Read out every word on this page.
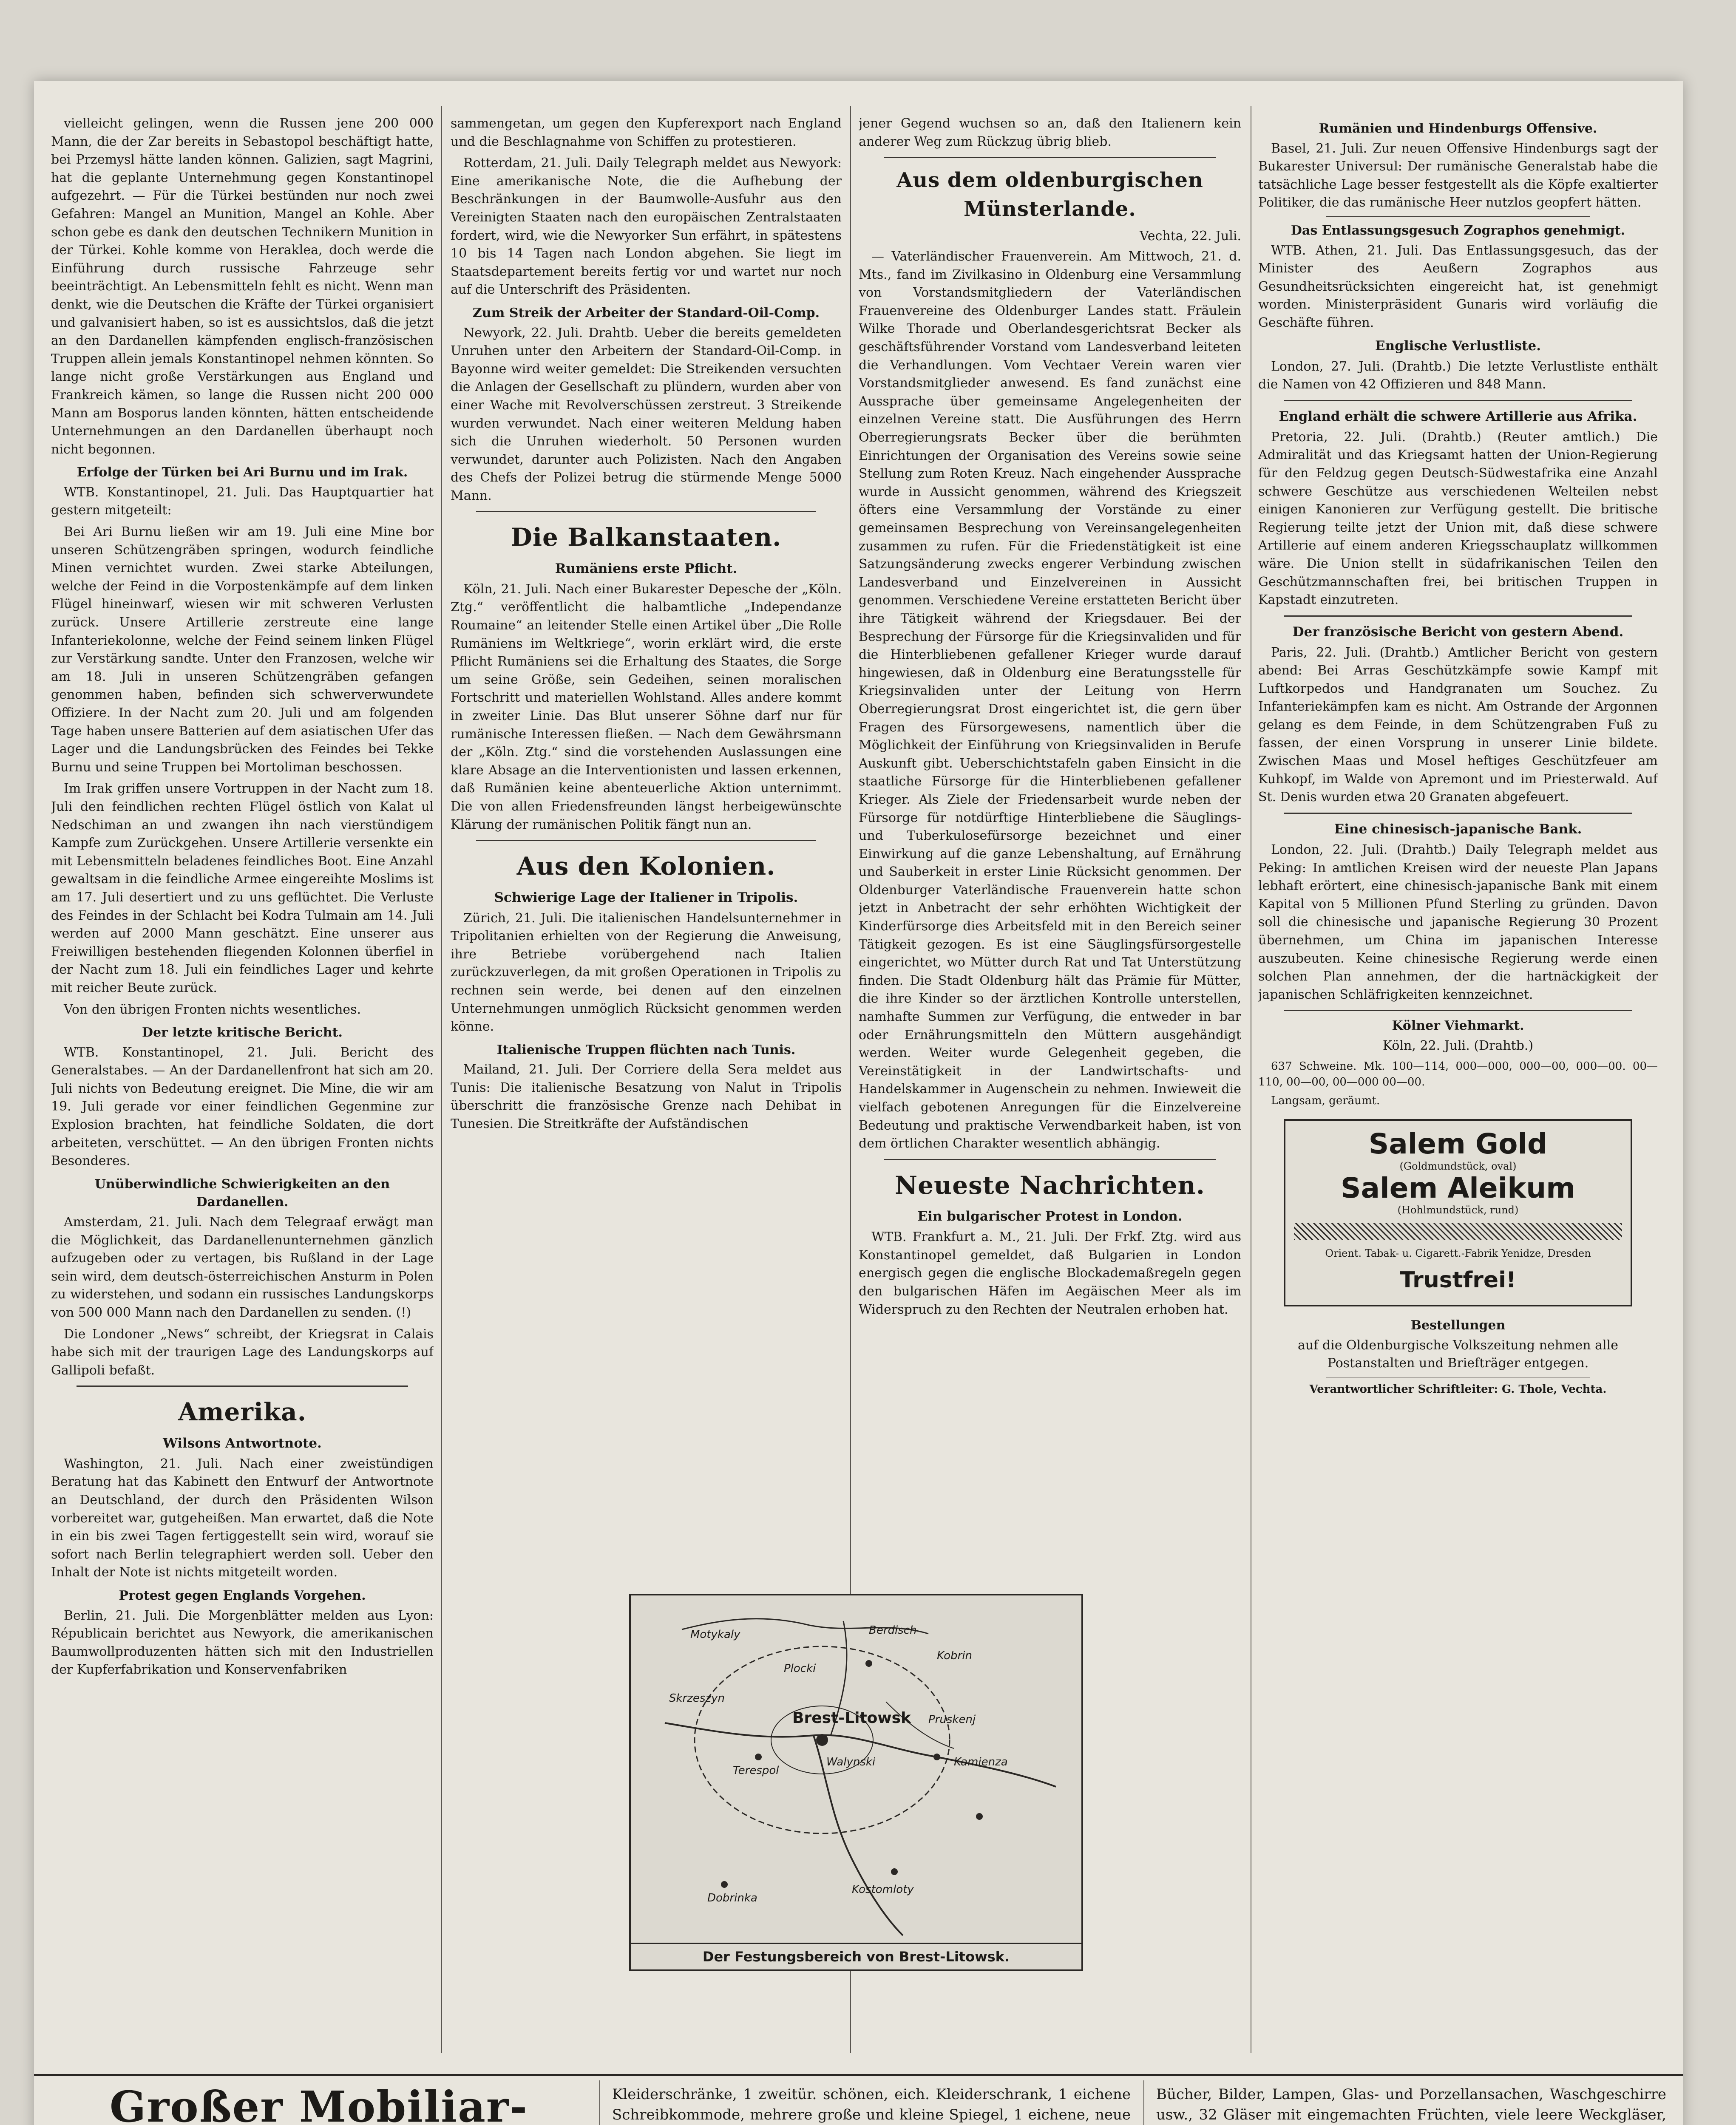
vielleicht gelingen, wenn die Russen jene 200 000 Mann, die der Zar bereits in Sebastopol beschäftigt hatte, bei Przemysl hätte landen können. Galizien, sagt Magrini, hat die geplante Unternehmung gegen Konstantinopel aufgezehrt. — Für die Türkei bestünden nur noch zwei Gefahren: Mangel an Munition, Mangel an Kohle. Aber schon gebe es dank den deutschen Technikern Munition in der Türkei. Kohle komme von Heraklea, doch werde die Einführung durch russische Fahrzeuge sehr beeinträchtigt. An Lebensmitteln fehlt es nicht. Wenn man denkt, wie die Deutschen die Kräfte der Türkei organisiert und galvanisiert haben, so ist es aussichtslos, daß die jetzt an den Dardanellen kämpfenden englisch-französischen Truppen allein jemals Konstantinopel nehmen könnten. So lange nicht große Verstärkungen aus England und Frankreich kämen, so lange die Russen nicht 200 000 Mann am Bosporus landen könnten, hätten entscheidende Unternehmungen an den Dardanellen überhaupt noch nicht begonnen.

Erfolge der Türken bei Ari Burnu und im Irak.

WTB. Konstantinopel, 21. Juli. Das Hauptquartier hat gestern mitgeteilt:

Bei Ari Burnu ließen wir am 19. Juli eine Mine bor unseren Schützengräben springen, wodurch feindliche Minen vernichtet wurden. Zwei starke Abteilungen, welche der Feind in die Vorpostenkämpfe auf dem linken Flügel hineinwarf, wiesen wir mit schweren Verlusten zurück. Unsere Artillerie zerstreute eine lange Infanteriekolonne, welche der Feind seinem linken Flügel zur Verstärkung sandte. Unter den Franzosen, welche wir am 18. Juli in unseren Schützengräben gefangen genommen haben, befinden sich schwerverwundete Offiziere. In der Nacht zum 20. Juli und am folgenden Tage haben unsere Batterien auf dem asiatischen Ufer das Lager und die Landungsbrücken des Feindes bei Tekke Burnu und seine Truppen bei Mortoliman beschossen.

Im Irak griffen unsere Vortruppen in der Nacht zum 18. Juli den feindlichen rechten Flügel östlich von Kalat ul Nedschiman an und zwangen ihn nach vierstündigem Kampfe zum Zurückgehen. Unsere Artillerie versenkte ein mit Lebensmitteln beladenes feindliches Boot. Eine Anzahl gewaltsam in die feindliche Armee eingereihte Moslims ist am 17. Juli desertiert und zu uns geflüchtet. Die Verluste des Feindes in der Schlacht bei Kodra Tulmain am 14. Juli werden auf 2000 Mann geschätzt. Eine unserer aus Freiwilligen bestehenden fliegenden Kolonnen überfiel in der Nacht zum 18. Juli ein feindliches Lager und kehrte mit reicher Beute zurück.

Von den übrigen Fronten nichts wesentliches.

Der letzte kritische Bericht.

WTB. Konstantinopel, 21. Juli. Bericht des Generalstabes. — An der Dardanellenfront hat sich am 20. Juli nichts von Bedeutung ereignet. Die Mine, die wir am 19. Juli gerade vor einer feindlichen Gegenmine zur Explosion brachten, hat feindliche Soldaten, die dort arbeiteten, verschüttet. — An den übrigen Fronten nichts Besonderes.

Unüberwindliche Schwierigkeiten an den Dardanellen.

Amsterdam, 21. Juli. Nach dem Telegraaf erwägt man die Möglichkeit, das Dardanellenunternehmen gänzlich aufzugeben oder zu vertagen, bis Rußland in der Lage sein wird, dem deutsch-österreichischen Ansturm in Polen zu widerstehen, und sodann ein russisches Landungskorps von 500 000 Mann nach den Dardanellen zu senden. (!)

Die Londoner „News“ schreibt, der Kriegsrat in Calais habe sich mit der traurigen Lage des Landungskorps auf Gallipoli befaßt.

Amerika.
Wilsons Antwortnote.

Washington, 21. Juli. Nach einer zweistündigen Beratung hat das Kabinett den Entwurf der Antwortnote an Deutschland, der durch den Präsidenten Wilson vorbereitet war, gutgeheißen. Man erwartet, daß die Note in ein bis zwei Tagen fertiggestellt sein wird, worauf sie sofort nach Berlin telegraphiert werden soll. Ueber den Inhalt der Note ist nichts mitgeteilt worden.

Protest gegen Englands Vorgehen.

Berlin, 21. Juli. Die Morgenblätter melden aus Lyon: Républicain berichtet aus Newyork, die amerikanischen Baumwollproduzenten hätten sich mit den Industriellen der Kupferfabrikation und Konservenfabriken

sammengetan, um gegen den Kupferexport nach England und die Beschlagnahme von Schiffen zu protestieren.

Rotterdam, 21. Juli. Daily Telegraph meldet aus Newyork: Eine amerikanische Note, die die Aufhebung der Beschränkungen in der Baumwolle-Ausfuhr aus den Vereinigten Staaten nach den europäischen Zentralstaaten fordert, wird, wie die Newyorker Sun erfährt, in spätestens 10 bis 14 Tagen nach London abgehen. Sie liegt im Staatsdepartement bereits fertig vor und wartet nur noch auf die Unterschrift des Präsidenten.

Zum Streik der Arbeiter der Standard-Oil-Comp.

Newyork, 22. Juli. Drahtb. Ueber die bereits gemeldeten Unruhen unter den Arbeitern der Standard-Oil-Comp. in Bayonne wird weiter gemeldet: Die Streikenden versuchten die Anlagen der Gesellschaft zu plündern, wurden aber von einer Wache mit Revolverschüssen zerstreut. 3 Streikende wurden verwundet. Nach einer weiteren Meldung haben sich die Unruhen wiederholt. 50 Personen wurden verwundet, darunter auch Polizisten. Nach den Angaben des Chefs der Polizei betrug die stürmende Menge 5000 Mann.

Die Balkanstaaten.
Rumäniens erste Pflicht.

Köln, 21. Juli. Nach einer Bukarester Depesche der „Köln. Ztg.“ veröffentlicht die halbamtliche „Independanze Roumaine“ an leitender Stelle einen Artikel über „Die Rolle Rumäniens im Weltkriege“, worin erklärt wird, die erste Pflicht Rumäniens sei die Erhaltung des Staates, die Sorge um seine Größe, sein Gedeihen, seinen moralischen Fortschritt und materiellen Wohlstand. Alles andere kommt in zweiter Linie. Das Blut unserer Söhne darf nur für rumänische Interessen fließen. — Nach dem Gewährsmann der „Köln. Ztg.“ sind die vorstehenden Auslassungen eine klare Absage an die Interventionisten und lassen erkennen, daß Rumänien keine abenteuerliche Aktion unternimmt. Die von allen Friedensfreunden längst herbeigewünschte Klärung der rumänischen Politik fängt nun an.

Aus den Kolonien.
Schwierige Lage der Italiener in Tripolis.

Zürich, 21. Juli. Die italienischen Handelsunternehmer in Tripolitanien erhielten von der Regierung die Anweisung, ihre Betriebe vorübergehend nach Italien zurückzuverlegen, da mit großen Operationen in Tripolis zu rechnen sein werde, bei denen auf den einzelnen Unternehmungen unmöglich Rücksicht genommen werden könne.

Italienische Truppen flüchten nach Tunis.

Mailand, 21. Juli. Der Corriere della Sera meldet aus Tunis: Die italienische Besatzung von Nalut in Tripolis überschritt die französische Grenze nach Dehibat in Tunesien. Die Streitkräfte der Aufständischen

jener Gegend wuchsen so an, daß den Italienern kein anderer Weg zum Rückzug übrig blieb.

Aus dem oldenburgischen Münsterlande.
Vechta, 22. Juli.

— Vaterländischer Frauenverein. Am Mittwoch, 21. d. Mts., fand im Zivilkasino in Oldenburg eine Versammlung von Vorstandsmitgliedern der Vaterländischen Frauenvereine des Oldenburger Landes statt. Fräulein Wilke Thorade und Oberlandesgerichtsrat Becker als geschäftsführender Vorstand vom Landesverband leiteten die Verhandlungen. Vom Vechtaer Verein waren vier Vorstandsmitglieder anwesend. Es fand zunächst eine Aussprache über gemeinsame Angelegenheiten der einzelnen Vereine statt. Die Ausführungen des Herrn Oberregierungsrats Becker über die berühmten Einrichtungen der Organisation des Vereins sowie seine Stellung zum Roten Kreuz. Nach eingehender Aussprache wurde in Aussicht genommen, während des Kriegszeit öfters eine Versammlung der Vorstände zu einer gemeinsamen Besprechung von Vereinsangelegenheiten zusammen zu rufen. Für die Friedenstätigkeit ist eine Satzungsänderung zwecks engerer Verbindung zwischen Landesverband und Einzelvereinen in Aussicht genommen. Verschiedene Vereine erstatteten Bericht über ihre Tätigkeit während der Kriegsdauer. Bei der Besprechung der Fürsorge für die Kriegsinvaliden und für die Hinterbliebenen gefallener Krieger wurde darauf hingewiesen, daß in Oldenburg eine Beratungsstelle für Kriegsinvaliden unter der Leitung von Herrn Oberregierungsrat Drost eingerichtet ist, die gern über Fragen des Fürsorgewesens, namentlich über die Möglichkeit der Einführung von Kriegsinvaliden in Berufe Auskunft gibt. Ueberschichtstafeln gaben Einsicht in die staatliche Fürsorge für die Hinterbliebenen gefallener Krieger. Als Ziele der Friedensarbeit wurde neben der Fürsorge für notdürftige Hinterbliebene die Säuglings- und Tuberkulosefürsorge bezeichnet und einer Einwirkung auf die ganze Lebenshaltung, auf Ernährung und Sauberkeit in erster Linie Rücksicht genommen. Der Oldenburger Vaterländische Frauenverein hatte schon jetzt in Anbetracht der sehr erhöhten Wichtigkeit der Kinderfürsorge dies Arbeitsfeld mit in den Bereich seiner Tätigkeit gezogen. Es ist eine Säuglingsfürsorgestelle eingerichtet, wo Mütter durch Rat und Tat Unterstützung finden. Die Stadt Oldenburg hält das Prämie für Mütter, die ihre Kinder so der ärztlichen Kontrolle unterstellen, namhafte Summen zur Verfügung, die entweder in bar oder Ernährungsmitteln den Müttern ausgehändigt werden. Weiter wurde Gelegenheit gegeben, die Vereinstätigkeit in der Landwirtschafts- und Handelskammer in Augenschein zu nehmen. Inwieweit die vielfach gebotenen Anregungen für die Einzelvereine Bedeutung und praktische Verwendbarkeit haben, ist von dem örtlichen Charakter wesentlich abhängig.

Neueste Nachrichten.
Ein bulgarischer Protest in London.

WTB. Frankfurt a. M., 21. Juli. Der Frkf. Ztg. wird aus Konstantinopel gemeldet, daß Bulgarien in London energisch gegen die englische Blockademaßregeln gegen den bulgarischen Häfen im Aegäischen Meer als im Widerspruch zu den Rechten der Neutralen erhoben hat.

Rumänien und Hindenburgs Offensive.

Basel, 21. Juli. Zur neuen Offensive Hindenburgs sagt der Bukarester Universul: Der rumänische Generalstab habe die tatsächliche Lage besser festgestellt als die Köpfe exaltierter Politiker, die das rumänische Heer nutzlos geopfert hätten.

Das Entlassungsgesuch Zographos genehmigt.

WTB. Athen, 21. Juli. Das Entlassungsgesuch, das der Minister des Aeußern Zographos aus Gesundheitsrücksichten eingereicht hat, ist genehmigt worden. Ministerpräsident Gunaris wird vorläufig die Geschäfte führen.

Englische Verlustliste.

London, 27. Juli. (Drahtb.) Die letzte Verlustliste enthält die Namen von 42 Offizieren und 848 Mann.

England erhält die schwere Artillerie aus Afrika.

Pretoria, 22. Juli. (Drahtb.) (Reuter amtlich.) Die Admiralität und das Kriegsamt hatten der Union-Regierung für den Feldzug gegen Deutsch-Südwestafrika eine Anzahl schwere Geschütze aus verschiedenen Welteilen nebst einigen Kanonieren zur Verfügung gestellt. Die britische Regierung teilte jetzt der Union mit, daß diese schwere Artillerie auf einem anderen Kriegsschauplatz willkommen wäre. Die Union stellt in südafrikanischen Teilen den Geschützmannschaften frei, bei britischen Truppen in Kapstadt einzutreten.

Der französische Bericht von gestern Abend.

Paris, 22. Juli. (Drahtb.) Amtlicher Bericht von gestern abend: Bei Arras Geschützkämpfe sowie Kampf mit Luftkorpedos und Handgranaten um Souchez. Zu Infanteriekämpfen kam es nicht. Am Ostrande der Argonnen gelang es dem Feinde, in dem Schützengraben Fuß zu fassen, der einen Vorsprung in unserer Linie bildete. Zwischen Maas und Mosel heftiges Geschützfeuer am Kuhkopf, im Walde von Apremont und im Priesterwald. Auf St. Denis wurden etwa 20 Granaten abgefeuert.

Eine chinesisch-japanische Bank.

London, 22. Juli. (Drahtb.) Daily Telegraph meldet aus Peking: In amtlichen Kreisen wird der neueste Plan Japans lebhaft erörtert, eine chinesisch-japanische Bank mit einem Kapital von 5 Millionen Pfund Sterling zu gründen. Davon soll die chinesische und japanische Regierung 30 Prozent übernehmen, um China im japanischen Interesse auszubeuten. Keine chinesische Regierung werde einen solchen Plan annehmen, der die hartnäckigkeit der japanischen Schläfrigkeiten kennzeichnet.

Kölner Viehmarkt.

Köln, 22. Juli. (Drahtb.)

637 Schweine. Mk. 100—114, 000—000, 000—00, 000—00. 00—110, 00—00, 00—000 00—00.

Langsam, geräumt.

Salem Gold
(Goldmundstück, oval)
Salem Aleikum
(Hohlmundstück, rund)
Orient. Tabak- u. Cigarett.-Fabrik Yenidze, Dresden
Trustfrei!
Bestellungen

auf die Oldenburgische Volkszeitung nehmen alle Postanstalten und Briefträger entgegen.

Verantwortlicher Schriftleiter: G. Thole, Vechta.

Berdisch
Kobrin
Brest-Litowsk
Terespol
Walynski	Kamienza
Dobrinka
Kostomloty
Skrzeszyn
Pruskenj
Motykaly
Plocki
Der Festungsbereich von Brest-Litowsk.
Großer Mobiliar-	Kleiderschränke, 1 zweitür. schönen, eich. Kleiderschrank, 1 eichene Schreibkommode, mehrere große und kleine Spiegel, 1 eichene, neue
Bücher, Bilder, Lampen, Glas- und Porzellansachen, Waschgeschirre usw., 32 Gläser mit eingemachten Früchten, viele leere Weckgläser,
